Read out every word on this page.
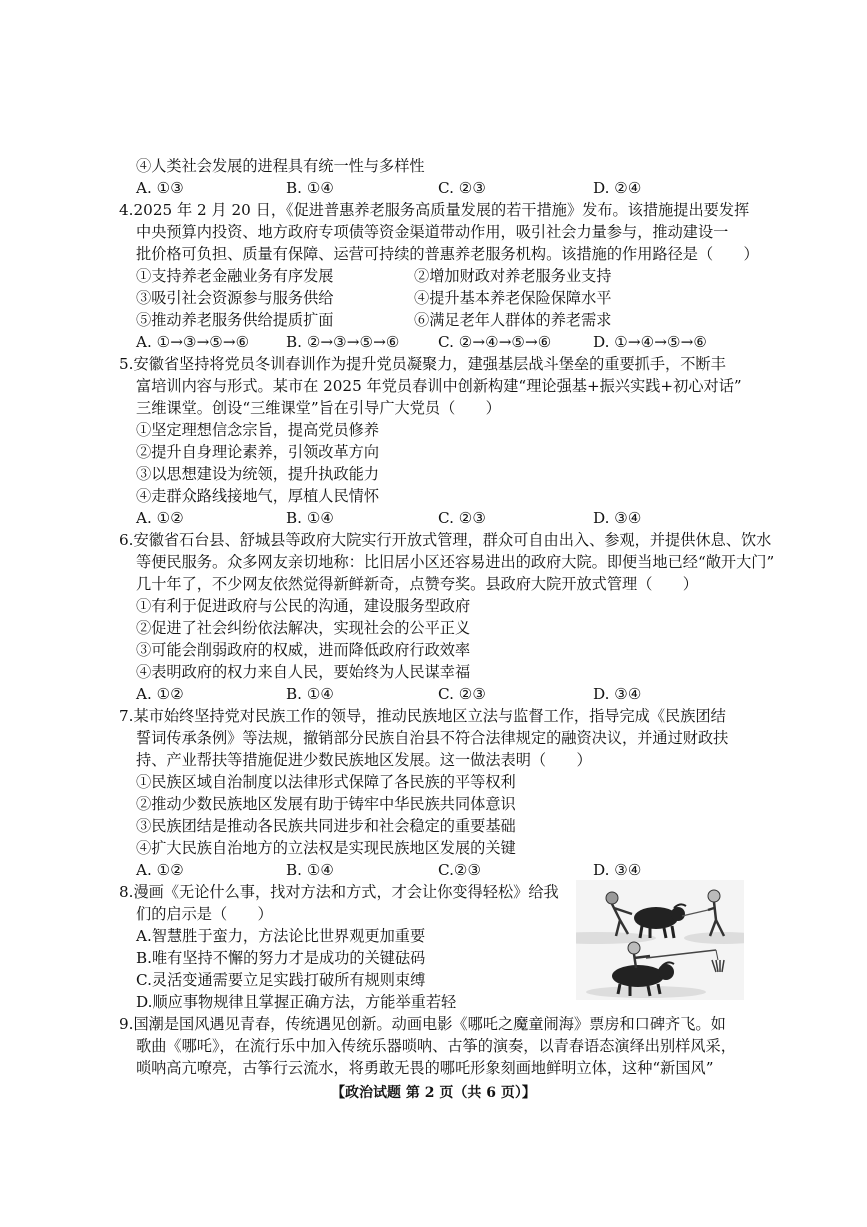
④人类社会发展的进程具有统一性与多样性
A. ①③	B. ①④	C. ②③	D. ②④
4.2025 年 2 月 20 日，《促进普惠养老服务高质量发展的若干措施》发布。该措施提出要发挥
中央预算内投资、地方政府专项债等资金渠道带动作用，吸引社会力量参与，推动建设一
批价格可负担、质量有保障、运营可持续的普惠养老服务机构。该措施的作用路径是（　　）
①支持养老金融业务有序发展	②增加财政对养老服务业支持
③吸引社会资源参与服务供给	④提升基本养老保险保障水平
⑤推动养老服务供给提质扩面	⑥满足老年人群体的养老需求
A. ①→③→⑤→⑥ B. ②→③→⑤→⑥	C. ②→④→⑤→⑥	D. ①→④→⑤→⑥
5.安徽省坚持将党员冬训春训作为提升党员凝聚力，建强基层战斗堡垒的重要抓手，不断丰
富培训内容与形式。某市在 2025 年党员春训中创新构建“理论强基+振兴实践+初心对话”
三维课堂。创设“三维课堂”旨在引导广大党员（　　）
①坚定理想信念宗旨，提高党员修养
②提升自身理论素养，引领改革方向
③以思想建设为统领，提升执政能力
④走群众路线接地气，厚植人民情怀
A. ①②	B. ①④	C. ②③	D. ③④
6.安徽省石台县、舒城县等政府大院实行开放式管理，群众可自由出入、参观，并提供休息、饮水
等便民服务。众多网友亲切地称：比旧居小区还容易进出的政府大院。即便当地已经“敞开大门”
几十年了，不少网友依然觉得新鲜新奇，点赞夸奖。县政府大院开放式管理（　　）
①有利于促进政府与公民的沟通，建设服务型政府
②促进了社会纠纷依法解决，实现社会的公平正义
③可能会削弱政府的权威，进而降低政府行政效率
④表明政府的权力来自人民，要始终为人民谋幸福
A. ①②	B. ①④	C. ②③	D. ③④
7.某市始终坚持党对民族工作的领导，推动民族地区立法与监督工作，指导完成《民族团结
誓词传承条例》等法规，撤销部分民族自治县不符合法律规定的融资决议，并通过财政扶
持、产业帮扶等措施促进少数民族地区发展。这一做法表明（　　）
①民族区域自治制度以法律形式保障了各民族的平等权利
②推动少数民族地区发展有助于铸牢中华民族共同体意识
③民族团结是推动各民族共同进步和社会稳定的重要基础
④扩大民族自治地方的立法权是实现民族地区发展的关键
A. ①②	B. ①④	C.②③	D. ③④
8.漫画《无论什么事，找对方法和方式，才会让你变得轻松》给我
们的启示是（　　）
A.智慧胜于蛮力，方法论比世界观更加重要
B.唯有坚持不懈的努力才是成功的关键砝码
C.灵活变通需要立足实践打破所有规则束缚
D.顺应事物规律且掌握正确方法，方能举重若轻
9.国潮是国风遇见青春，传统遇见创新。动画电影《哪吒之魔童闹海》票房和口碑齐飞。如
歌曲《哪吒》，在流行乐中加入传统乐器唢呐、古筝的演奏，以青春语态演绎出别样风采，
唢呐高亢嘹亮，古筝行云流水，将勇敢无畏的哪吒形象刻画地鲜明立体，这种“新国风”
【政治试题 第 2 页（共 6 页）】
